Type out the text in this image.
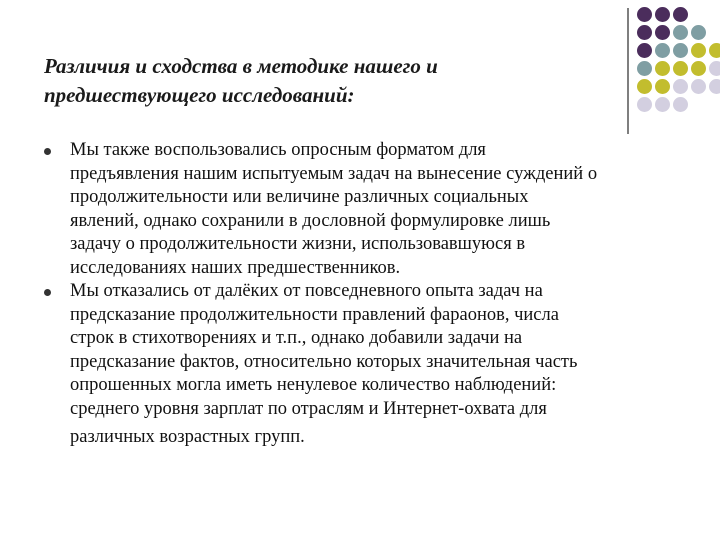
Различия и сходства в методике нашего и
предшествующего исследований:
Мы также воспользовались опросным форматом для
предъявления нашим испытуемым задач на вынесение суждений о
продолжительности или величине различных социальных
явлений, однако сохранили в дословной формулировке лишь
задачу о продолжительности жизни, использовавшуюся в
исследованиях наших предшественников.
Мы отказались от далёких от повседневного опыта задач на
предсказание продолжительности правлений фараонов, числа
строк в стихотворениях и т.п., однако добавили задачи на
предсказание фактов, относительно которых значительная часть
опрошенных могла иметь ненулевое количество наблюдений:
среднего уровня зарплат по отраслям и Интернет-охвата для
различных возрастных групп.
